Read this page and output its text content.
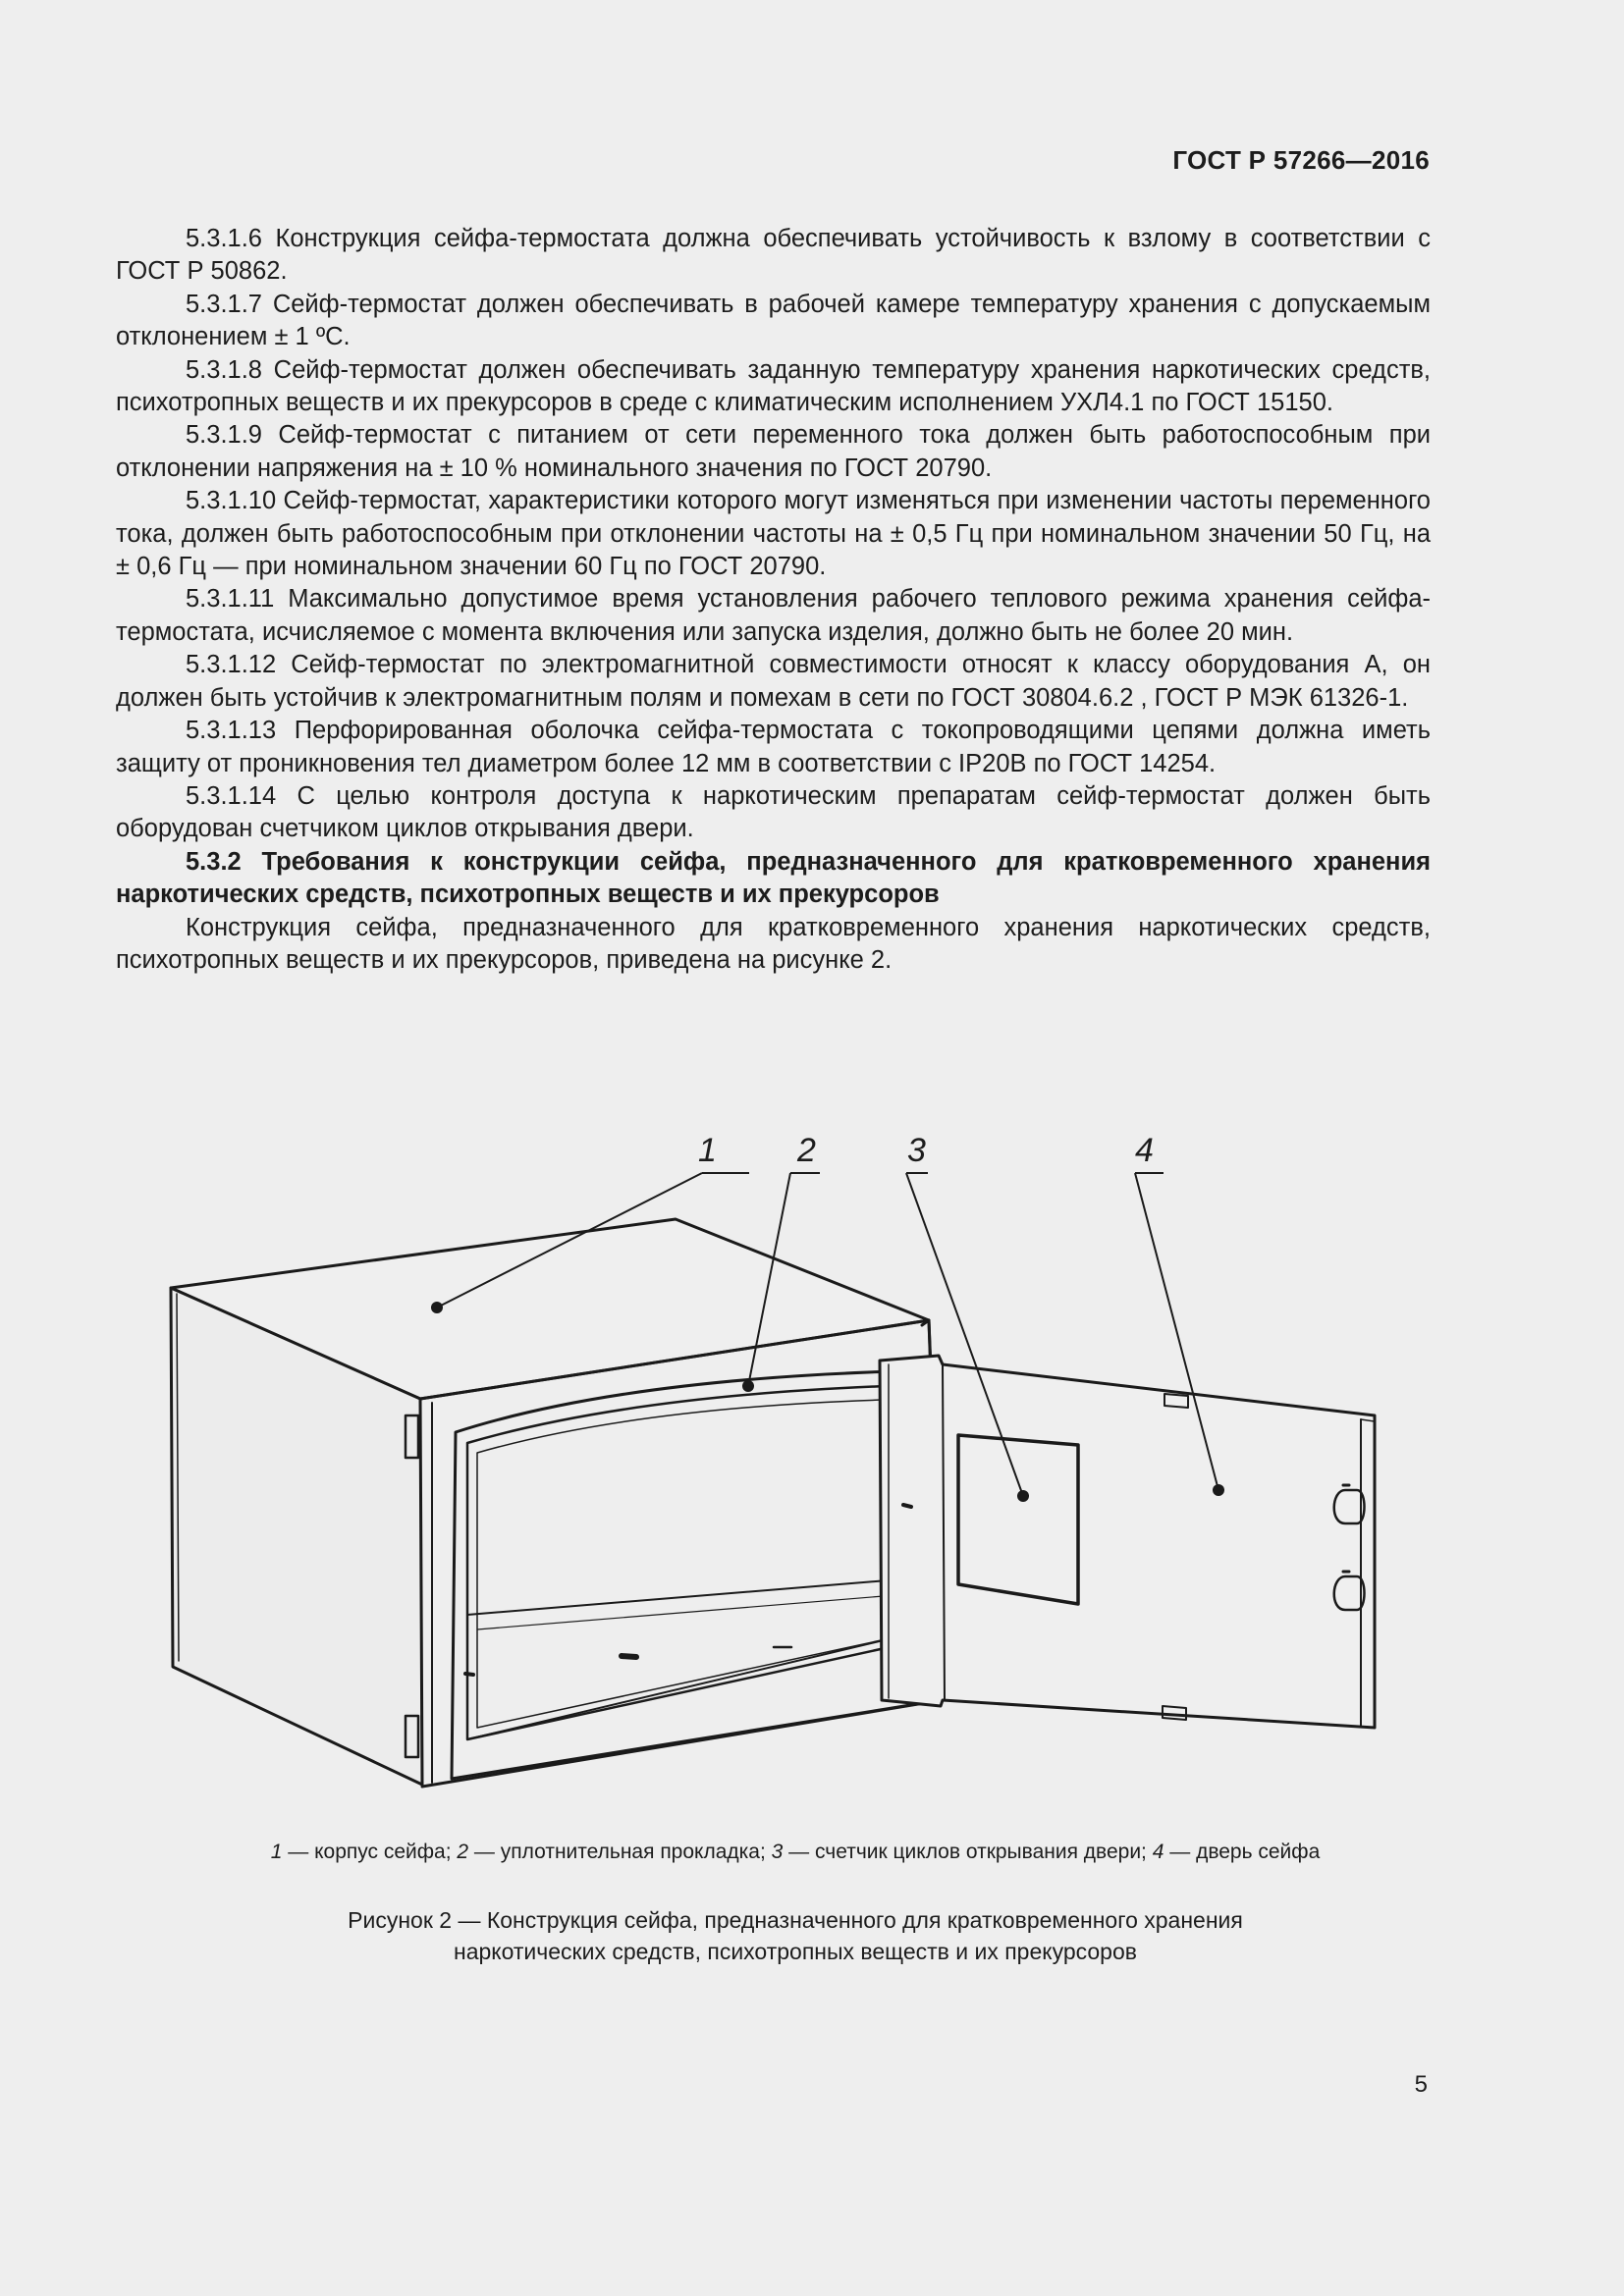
ГОСТ Р 57266—2016

5.3.1.6 Конструкция сейфа-термостата должна обеспечивать устойчивость к взлому в соответствии с ГОСТ Р 50862.

5.3.1.7 Сейф-термостат должен обеспечивать в рабочей камере температуру хранения с допускаемым отклонением ± 1 ºС.

5.3.1.8 Сейф-термостат должен обеспечивать заданную температуру хранения наркотических средств, психотропных веществ и их прекурсоров в среде с климатическим исполнением УХЛ4.1 по ГОСТ 15150.

5.3.1.9 Сейф-термостат с питанием от сети переменного тока должен быть работоспособным при отклонении напряжения на ± 10 % номинального значения по ГОСТ 20790.

5.3.1.10 Сейф-термостат, характеристики которого могут изменяться при изменении частоты переменного тока, должен быть работоспособным при отклонении частоты на ± 0,5 Гц при номинальном значении 50 Гц, на ± 0,6 Гц — при номинальном значении 60 Гц по ГОСТ 20790.

5.3.1.11 Максимально допустимое время установления рабочего теплового режима хранения сейфа-термостата, исчисляемое с момента включения или запуска изделия, должно быть не более 20 мин.

5.3.1.12 Сейф-термостат по электромагнитной совместимости относят к классу оборудования А, он должен быть устойчив к электромагнитным полям и помехам в сети по ГОСТ 30804.6.2 , ГОСТ Р МЭК 61326-1.

5.3.1.13 Перфорированная оболочка сейфа-термостата с токопроводящими цепями должна иметь защиту от проникновения тел диаметром более 12 мм в соответствии с IP20B по ГОСТ 14254.

5.3.1.14 С целью контроля доступа к наркотическим препаратам сейф-термостат должен быть оборудован счетчиком циклов открывания двери.

5.3.2 Требования к конструкции сейфа, предназначенного для кратковременного хранения наркотических средств, психотропных веществ и их прекурсоров

Конструкция сейфа, предназначенного для кратковременного хранения наркотических средств, психотропных веществ и их прекурсоров, приведена на рисунке 2.

1 2	3	4
1 — корпус сейфа; 2 — уплотнительная прокладка; 3 — счетчик циклов открывания двери; 4 — дверь сейфа
Рисунок 2 — Конструкция сейфа, предназначенного для кратковременного хранения
наркотических средств, психотропных веществ и их прекурсоров
5
